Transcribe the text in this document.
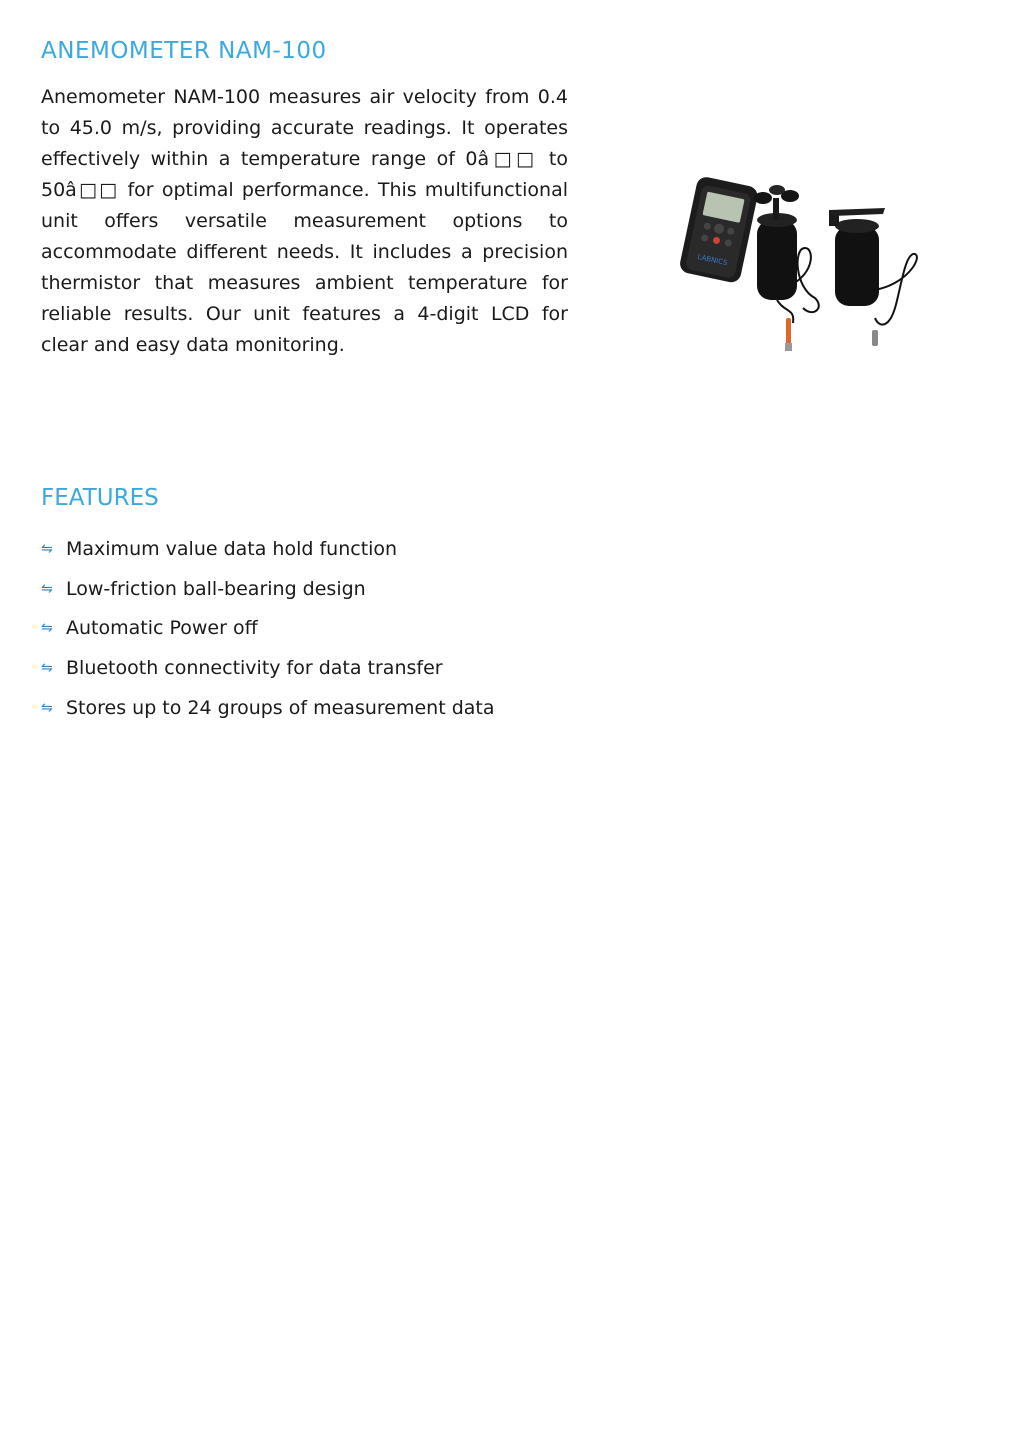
ANEMOMETER NAM-100

Anemometer NAM-100 measures air velocity from 0.4 to 45.0 m/s, providing accurate readings. It operates effectively within a temperature range of 0â□□ to 50â□□ for optimal performance. This multifunctional unit offers versatile measurement options to accommodate different needs. It includes a precision thermistor that measures ambient temperature for reliable results. Our unit features a 4-digit LCD for clear and easy data monitoring.

LABNICS
FEATURES
⇋ Maximum value data hold function
⇋ Low-friction ball-bearing design
⇋ Automatic Power off
⇋ Bluetooth connectivity for data transfer
⇋ Stores up to 24 groups of measurement data
